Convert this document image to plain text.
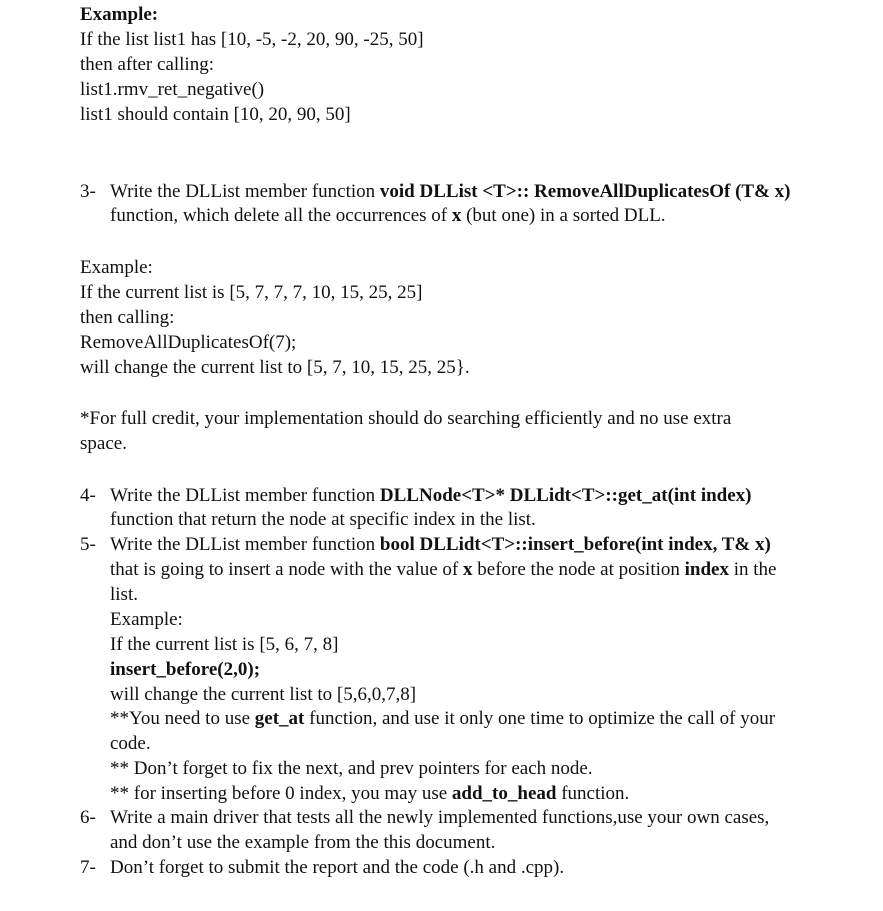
Example:
If the list list1 has [10, -5, -2, 20, 90, -25, 50]
then after calling:
list1.rmv_ret_negative()
list1 should contain [10, 20, 90, 50]
3- Write the DLList member function void DLList <T>:: RemoveAllDuplicatesOf (T& x)
function, which delete all the occurrences of x (but one) in a sorted DLL.
Example:
If the current list is [5, 7, 7, 7, 10, 15, 25, 25]
then calling:
RemoveAllDuplicatesOf(7);
will change the current list to [5, 7, 10, 15, 25, 25}.
*For full credit, your implementation should do searching efficiently and no use extra
space.
4- Write the DLList member function DLLNode<T>* DLLidt<T>::get_at(int index)
function that return the node at specific index in the list.
5- Write the DLList member function bool DLLidt<T>::insert_before(int index, T& x)
that is going to insert a node with the value of x before the node at position index in the
list.
Example:
If the current list is [5, 6, 7, 8]
insert_before(2,0);
will change the current list to [5,6,0,7,8]
**You need to use get_at function, and use it only one time to optimize the call of your
code.
** Don’t forget to fix the next, and prev pointers for each node.
** for inserting before 0 index, you may use add_to_head function.
6- Write a main driver that tests all the newly implemented functions,use your own cases,
and don’t use the example from the this document.
7- Don’t forget to submit the report and the code (.h and .cpp).
